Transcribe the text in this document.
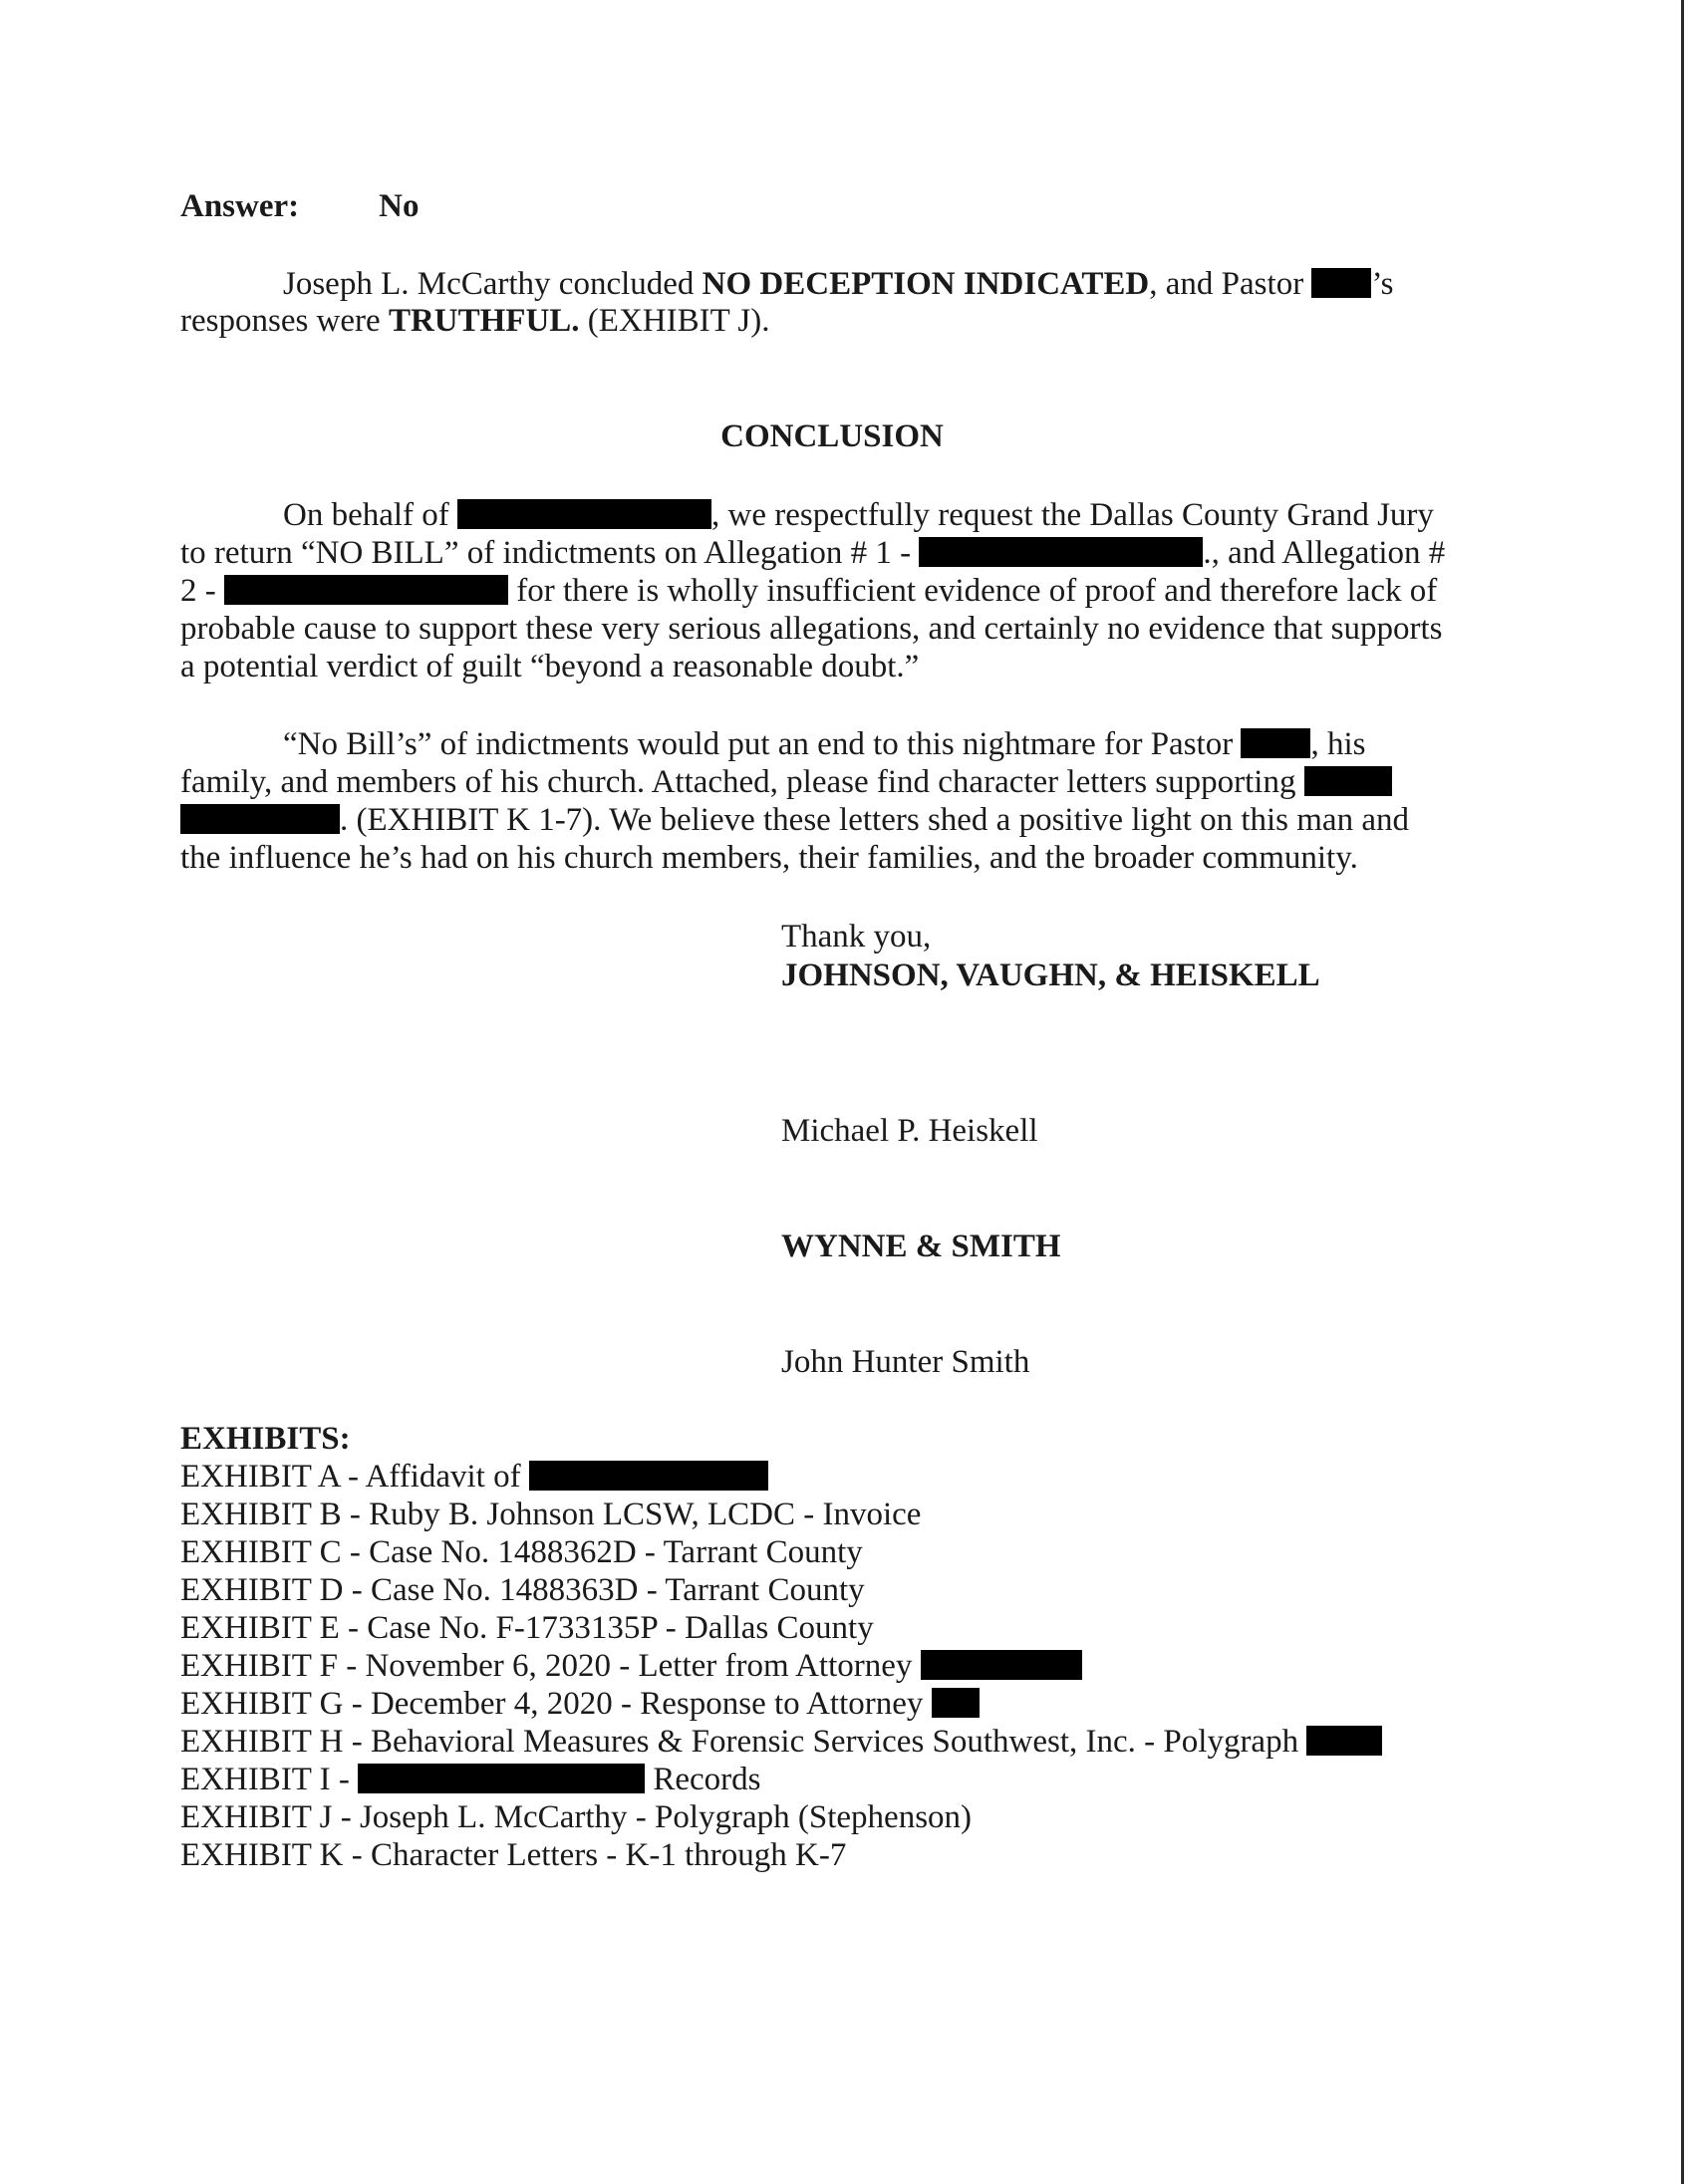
Answer: No
Joseph L. McCarthy concluded NO DECEPTION INDICATED, and Pastor ’s
responses were TRUTHFUL. (EXHIBIT J).
CONCLUSION
On behalf of	, we respectfully request the Dallas County Grand Jury
to return “NO BILL” of indictments on Allegation # 1 -	., and Allegation #
2 -	for there is wholly insufficient evidence of proof and therefore lack of
probable cause to support these very serious allegations, and certainly no evidence that supports
a potential verdict of guilt “beyond a reasonable doubt.”
“No Bill’s” of indictments would put an end to this nightmare for Pastor , his
family, and members of his church. Attached, please find character letters supporting
. (EXHIBIT K 1-7). We believe these letters shed a positive light on this man and
the influence he’s had on his church members, their families, and the broader community.
Thank you,
JOHNSON, VAUGHN, & HEISKELL
Michael P. Heiskell
WYNNE & SMITH
John Hunter Smith
EXHIBITS:
EXHIBIT A - Affidavit of
EXHIBIT B - Ruby B. Johnson LCSW, LCDC - Invoice
EXHIBIT C - Case No. 1488362D - Tarrant County
EXHIBIT D - Case No. 1488363D - Tarrant County
EXHIBIT E - Case No. F-1733135P - Dallas County
EXHIBIT F - November 6, 2020 - Letter from Attorney
EXHIBIT G - December 4, 2020 - Response to Attorney
EXHIBIT H - Behavioral Measures & Forensic Services Southwest, Inc. - Polygraph
EXHIBIT I -	Records
EXHIBIT J - Joseph L. McCarthy - Polygraph (Stephenson)
EXHIBIT K - Character Letters - K-1 through K-7
